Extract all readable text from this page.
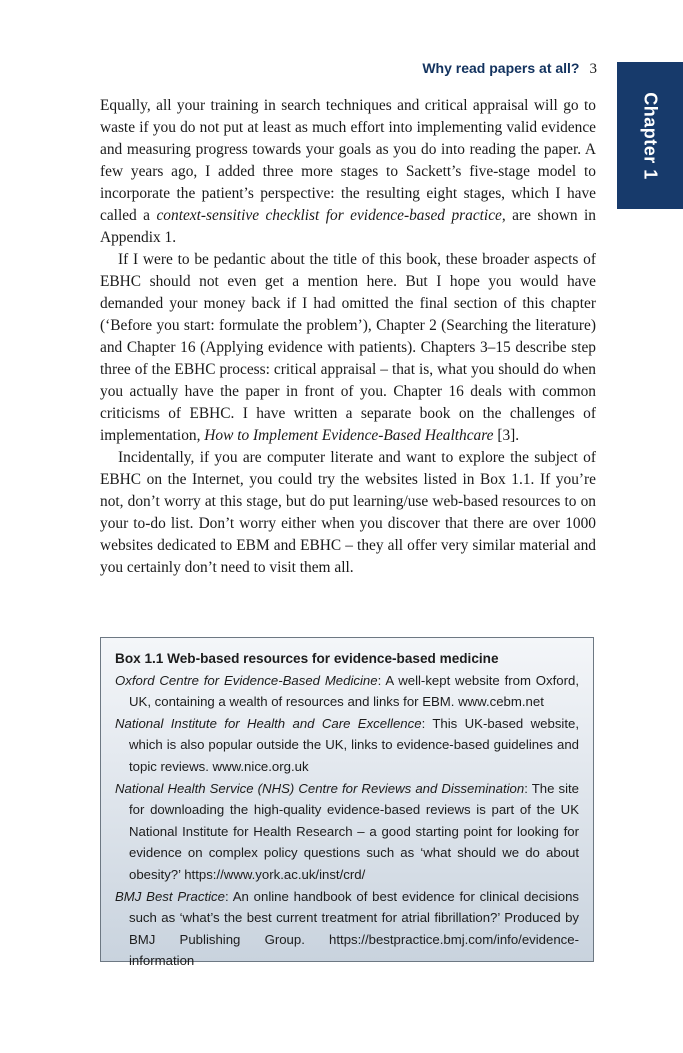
Why read papers at all? 3
Chapter 1

Equally, all your training in search techniques and critical appraisal will go to waste if you do not put at least as much effort into implementing valid evidence and measuring progress towards your goals as you do into reading the paper. A few years ago, I added three more stages to Sackett’s five-stage model to incorporate the patient’s perspective: the resulting eight stages, which I have called a context-sensitive checklist for evidence-based practice, are shown in Appendix 1.

If I were to be pedantic about the title of this book, these broader aspects of EBHC should not even get a mention here. But I hope you would have demanded your money back if I had omitted the final section of this chapter (‘Before you start: formulate the problem’), Chapter 2 (Searching the literature) and Chapter 16 (Applying evidence with patients). Chapters 3–15 describe step three of the EBHC process: critical appraisal – that is, what you should do when you actually have the paper in front of you. Chapter 16 deals with common criticisms of EBHC. I have written a separate book on the challenges of implementation, How to Implement Evidence-Based Healthcare [3].

Incidentally, if you are computer literate and want to explore the subject of EBHC on the Internet, you could try the websites listed in Box 1.1. If you’re not, don’t worry at this stage, but do put learning/use web-based resources to on your to-do list. Don’t worry either when you discover that there are over 1000 websites dedicated to EBM and EBHC – they all offer very similar material and you certainly don’t need to visit them all.

Box 1.1 Web-based resources for evidence-based medicine

Oxford Centre for Evidence-Based Medicine: A well-kept website from Oxford, UK, containing a wealth of resources and links for EBM. www.cebm.net

National Institute for Health and Care Excellence: This UK-based website, which is also popular outside the UK, links to evidence-based guidelines and topic reviews. www.nice.org.uk

National Health Service (NHS) Centre for Reviews and Dissemination: The site for downloading the high-quality evidence-based reviews is part of the UK National Institute for Health Research – a good starting point for looking for evidence on complex policy questions such as ‘what should we do about obesity?’ https://www.york.ac.uk/inst/crd/

BMJ Best Practice: An online handbook of best evidence for clinical decisions such as ‘what’s the best current treatment for atrial fibrillation?’ Produced by BMJ Publishing Group. https://bestpractice.bmj.com/info/evidence-information
